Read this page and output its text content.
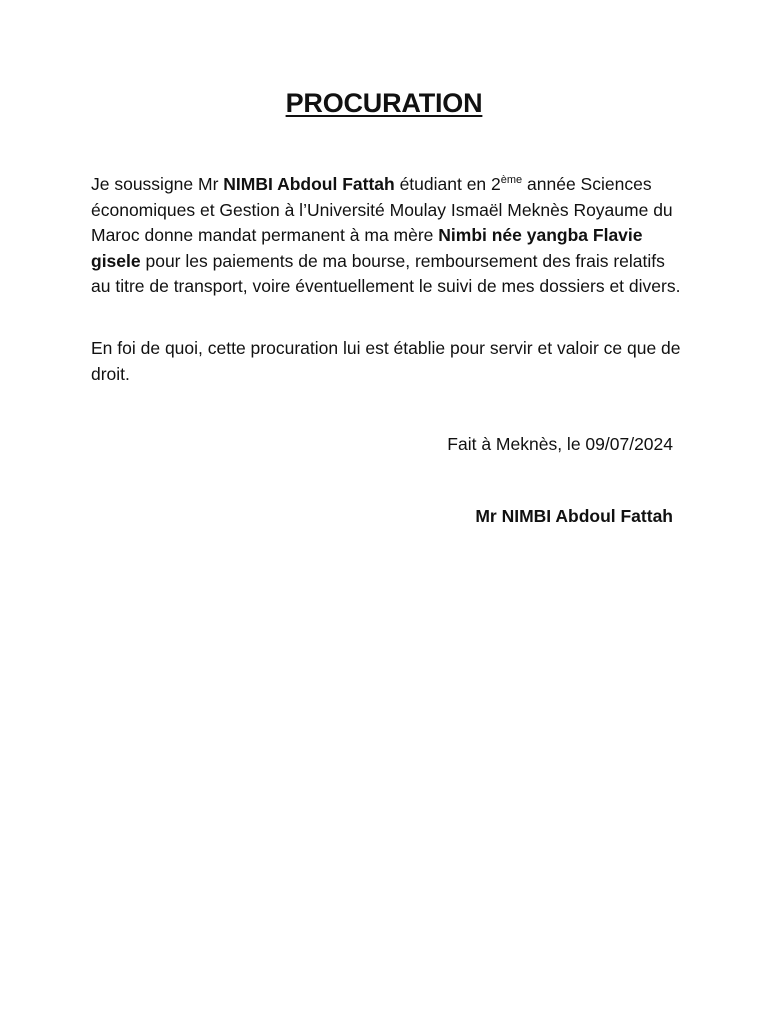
PROCURATION

Je soussigne Mr NIMBI Abdoul Fattah étudiant en 2ème année Sciences économiques et Gestion à l’Université Moulay Ismaël Meknès Royaume du Maroc donne mandat permanent à ma mère Nimbi née yangba Flavie gisele pour les paiements de ma bourse, remboursement des frais relatifs au titre de transport, voire éventuellement le suivi de mes dossiers et divers.

En foi de quoi, cette procuration lui est établie pour servir et valoir ce que de droit.

Fait à Meknès, le 09/07/2024

Mr NIMBI Abdoul Fattah
